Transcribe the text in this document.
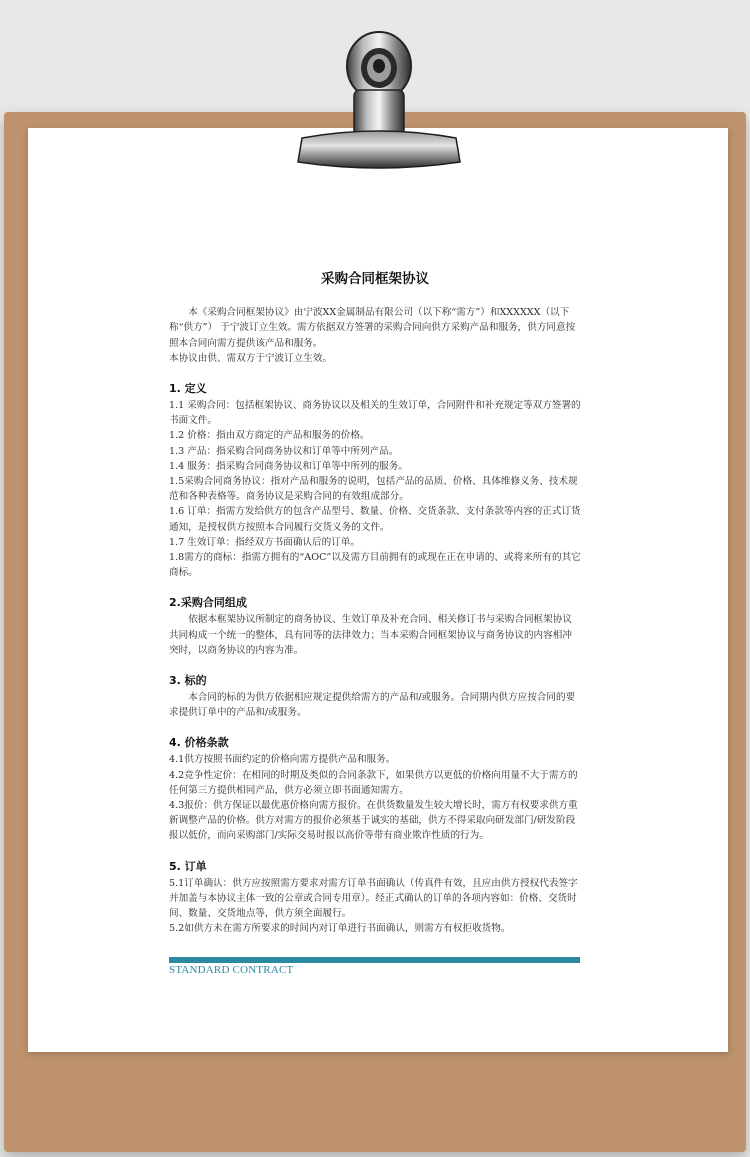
采购合同框架协议

本《采购合同框架协议》由宁波XX金属制品有限公司（以下称“需方”）和XXXXXX（以下称“供方”） 于宁波订立生效。需方依据双方签署的采购合同向供方采购产品和服务，供方同意按照本合同向需方提供该产品和服务。

本协议由供、需双方于宁波订立生效。

1. 定义

1.1 采购合同：包括框架协议、商务协议以及相关的生效订单，合同附件和补充规定等双方签署的书面文件。

1.2 价格：指由双方商定的产品和服务的价格。

1.3 产品：指采购合同商务协议和订单等中所列产品。

1.4 服务：指采购合同商务协议和订单等中所列的服务。

1.5采购合同商务协议：指对产品和服务的说明，包括产品的品质、价格、具体维修义务、技术规范和各种表格等。商务协议是采购合同的有效组成部分。

1.6 订单：指需方发给供方的包含产品型号、数量、价格、交货条款、支付条款等内容的正式订货通知，是授权供方按照本合同履行交货义务的文件。

1.7 生效订单：指经双方书面确认后的订单。

1.8需方的商标：指需方拥有的“AOC”以及需方目前拥有的或现在正在申请的、或将来所有的其它商标。

2.采购合同组成

依据本框架协议所制定的商务协议、生效订单及补充合同、相关修订书与采购合同框架协议共同构成一个统一的整体，具有同等的法律效力；当本采购合同框架协议与商务协议的内容相冲突时，以商务协议的内容为准。

3. 标的

本合同的标的为供方依据相应规定提供给需方的产品和/或服务。合同期内供方应按合同的要求提供订单中的产品和/或服务。

4. 价格条款

4.1供方按照书面约定的价格向需方提供产品和服务。

4.2竞争性定价：在相同的时期及类似的合同条款下，如果供方以更低的价格向用量不大于需方的任何第三方提供相同产品，供方必须立即书面通知需方。

4.3报价：供方保证以最优惠价格向需方报价。在供货数量发生较大增长时，需方有权要求供方重新调整产品的价格。供方对需方的报价必须基于诚实的基础，供方不得采取向研发部门/研发阶段报以低价，而向采购部门/实际交易时报以高价等带有商业欺诈性质的行为。

5. 订单

5.1订单确认：供方应按照需方要求对需方订单书面确认（传真件有效，且应由供方授权代表签字并加盖与本协议主体一致的公章或合同专用章）。经正式确认的订单的各项内容如：价格、交货时间、数量、交货地点等，供方须全面履行。

5.2如供方未在需方所要求的时间内对订单进行书面确认，则需方有权拒收货物。

STANDARD CONTRACT
